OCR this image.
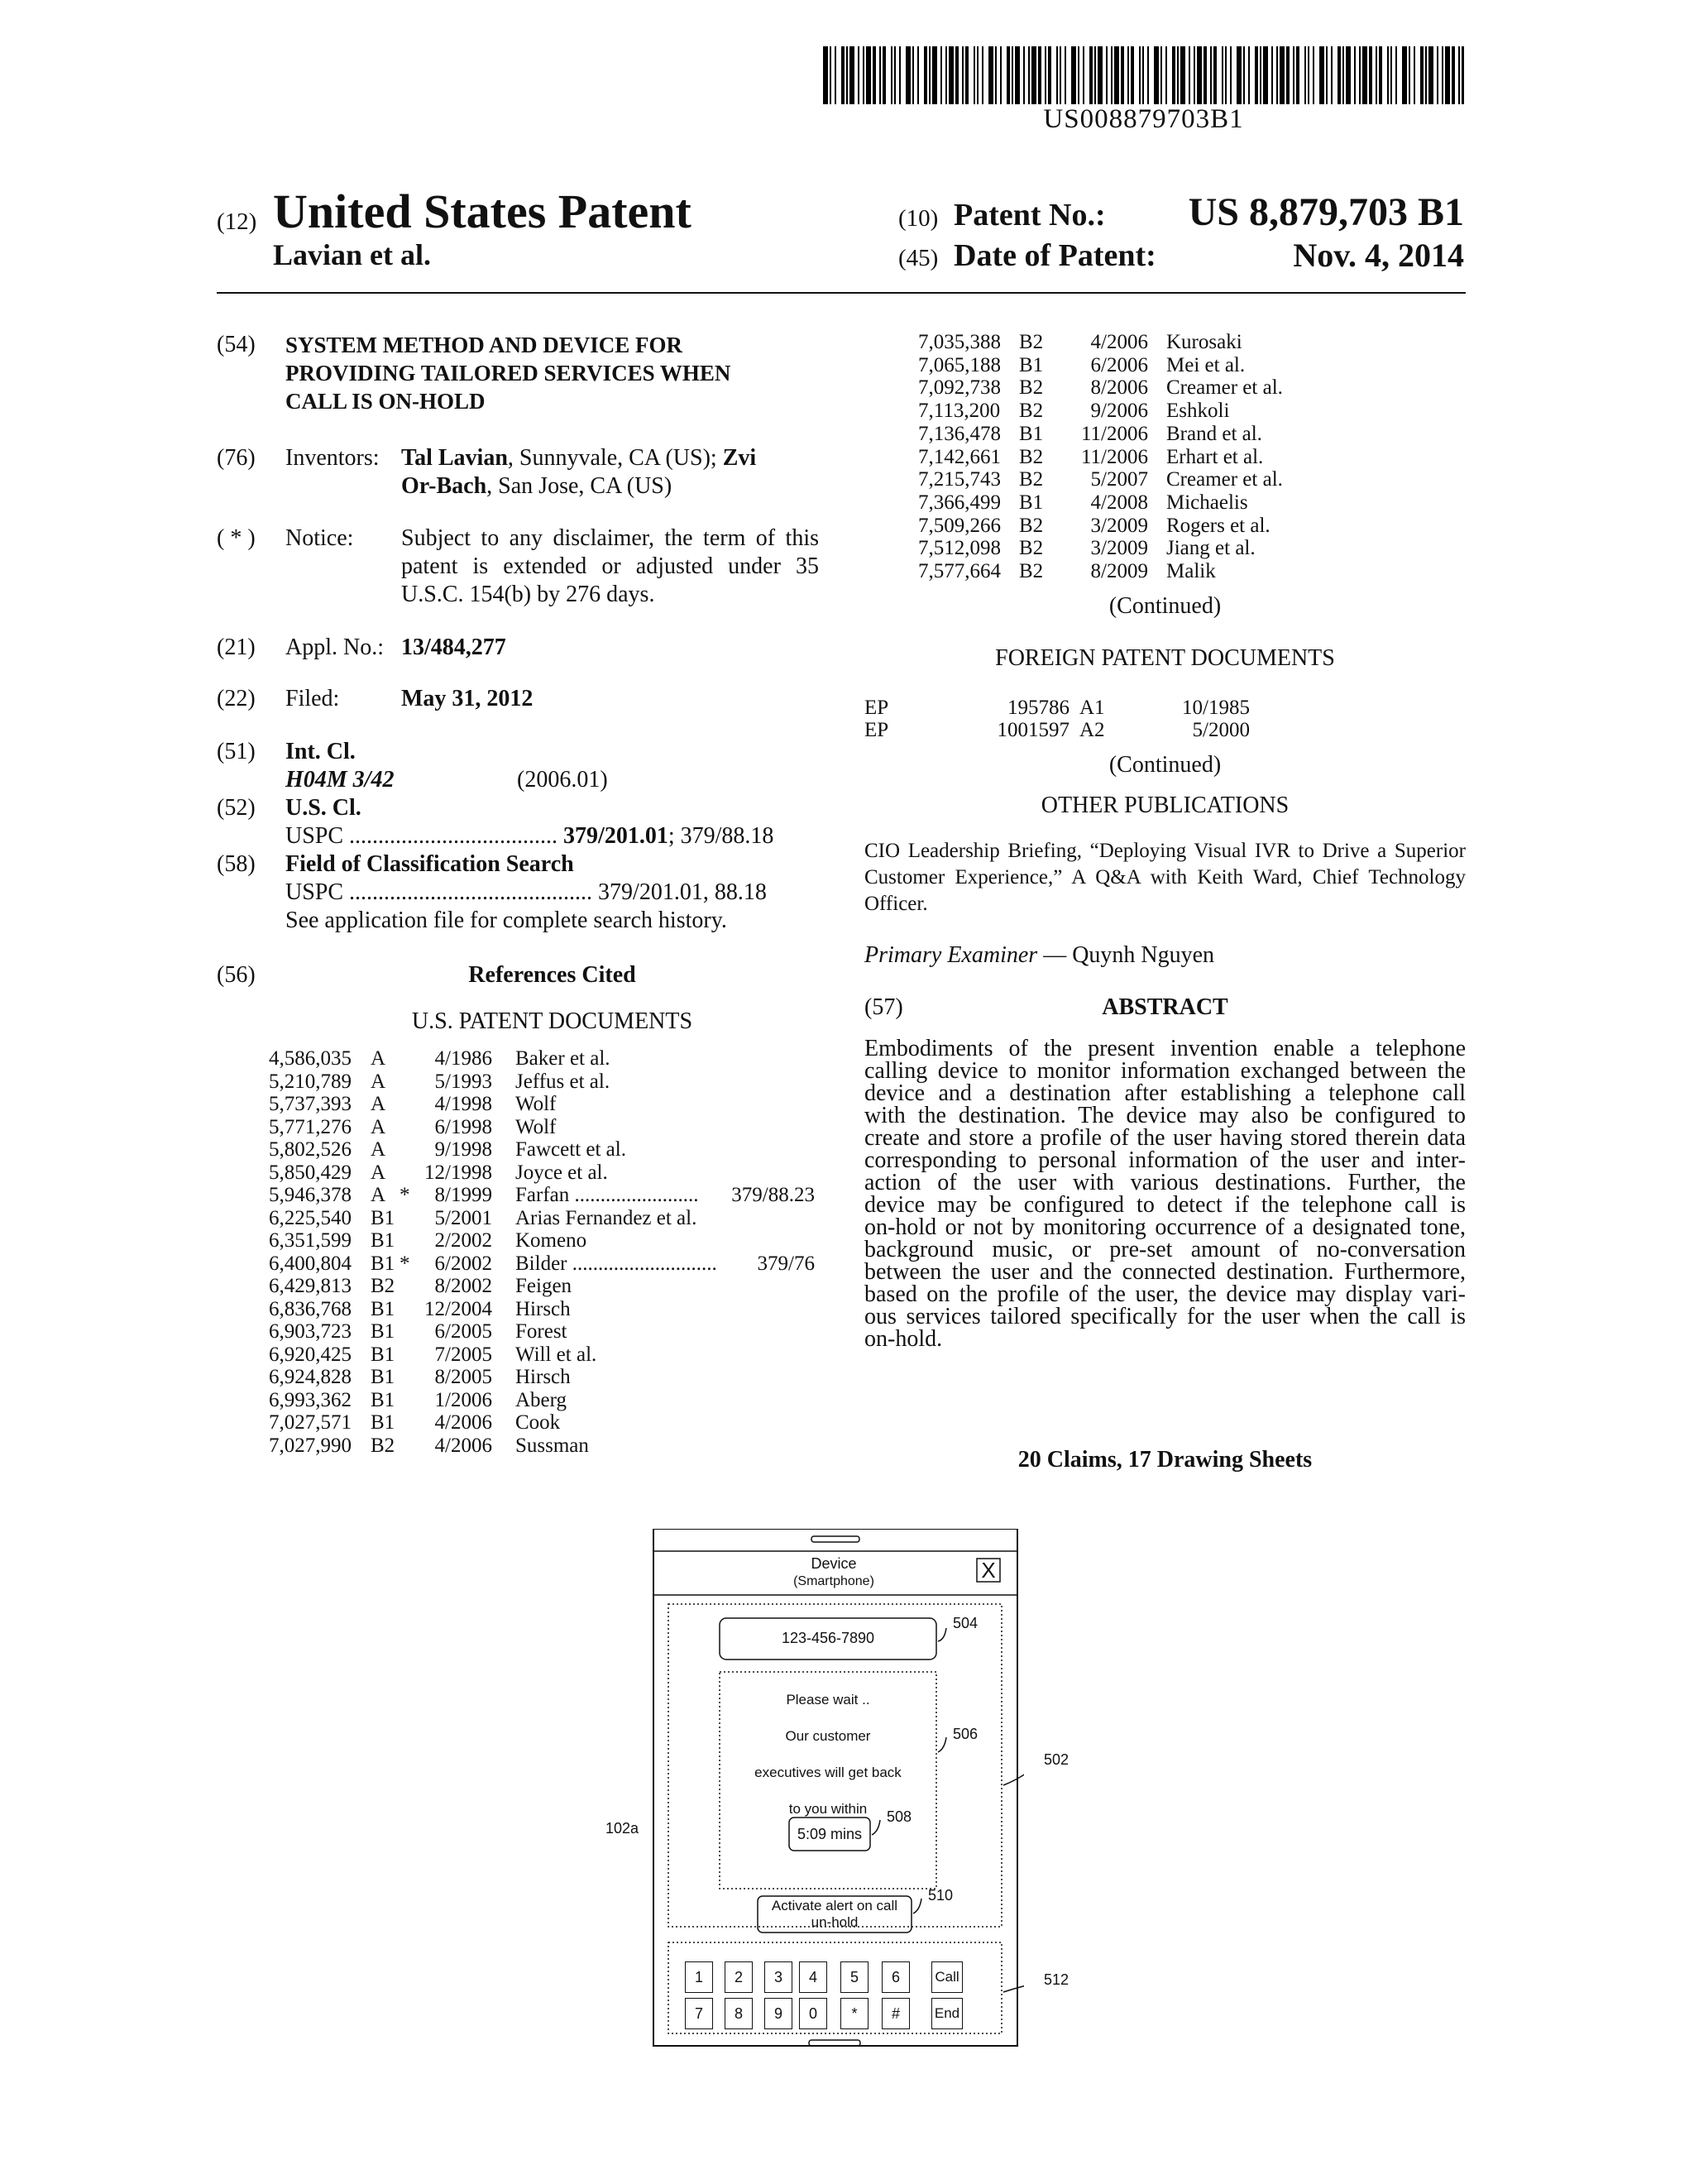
US008879703B1
(12) United States Patent
Lavian et al.
(10) Patent No.:	US 8,879,703 B1
(45) Date of Patent:	Nov. 4, 2014
(54) SYSTEM METHOD AND DEVICE FOR
PROVIDING TAILORED SERVICES WHEN
CALL IS ON-HOLD
(76) Inventors: Tal Lavian, Sunnyvale, CA (US); Zvi
Or-Bach, San Jose, CA (US)
( * ) Notice: Subject to any disclaimer, the term of this
patent is extended or adjusted under 35
U.S.C. 154(b) by 276 days.
(21) Appl. No.: 13/484,277
(22) Filed:	May 31, 2012
(51) Int. Cl.
H04M 3/42	(2006.01)
(52) U.S. Cl.
USPC .................................... 379/201.01; 379/88.18
(58) Field of Classification Search
USPC .......................................... 379/201.01, 88.18
See application file for complete search history.
(56)	References Cited
U.S. PATENT DOCUMENTS
4,586,035 A 4/1986 Baker et al.
5,210,789 A 5/1993 Jeffus et al.
5,737,393 A 4/1998 Wolf
5,771,276 A 6/1998 Wolf
5,802,526 A 9/1998 Fawcett et al.
5,850,429 A 12/1998 Joyce et al.
5,946,378 A * 8/1999 Farfan ........................ 379/88.23
6,225,540 B1 5/2001 Arias Fernandez et al.
6,351,599 B1 2/2002 Komeno
6,400,804 B1 * 6/2002 Bilder ............................ 379/76
6,429,813 B2 8/2002 Feigen
6,836,768 B1 12/2004 Hirsch
6,903,723 B1 6/2005 Forest
6,920,425 B1 7/2005 Will et al.
6,924,828 B1 8/2005 Hirsch
6,993,362 B1 1/2006 Aberg
7,027,571 B1 4/2006 Cook
7,027,990 B2 4/2006 Sussman
7,035,388 B2 4/2006 Kurosaki
7,065,188 B1 6/2006 Mei et al.
7,092,738 B2 8/2006 Creamer et al.
7,113,200 B2 9/2006 Eshkoli
7,136,478 B1 11/2006 Brand et al.
7,142,661 B2 11/2006 Erhart et al.
7,215,743 B2 5/2007 Creamer et al.
7,366,499 B1 4/2008 Michaelis
7,509,266 B2 3/2009 Rogers et al.
7,512,098 B2 3/2009 Jiang et al.
7,577,664 B2 8/2009 Malik
(Continued)
FOREIGN PATENT DOCUMENTS
EP	195786 A1	10/1985
EP	1001597 A2	5/2000
(Continued)
OTHER PUBLICATIONS
CIO Leadership Briefing, “Deploying Visual IVR to Drive a Superior
Customer Experience,” A Q&A with Keith Ward, Chief Technology
Officer.
Primary Examiner — Quynh Nguyen
(57)	ABSTRACT
Embodiments of the present invention enable a telephone
calling device to monitor information exchanged between the
device and a destination after establishing a telephone call
with the destination. The device may also be configured to
create and store a profile of the user having stored therein data
corresponding to personal information of the user and inter-
action of the user with various destinations. Further, the
device may be configured to detect if the telephone call is
on-hold or not by monitoring occurrence of a designated tone,
background music, or pre-set amount of no-conversation
between the user and the connected destination. Furthermore,
based on the profile of the user, the device may display vari-
ous services tailored specifically for the user when the call is
on-hold.
20 Claims, 17 Drawing Sheets
Device
(Smartphone)	X
123-456-7890
Please wait ..
Our customer
executives will get back
to you within
5:09 mins
Activate alert on call
un-hold
1	2	3	4	5	6	Call
7	8	9	0	*	#	End
504
506
508
510
102a
502
512
